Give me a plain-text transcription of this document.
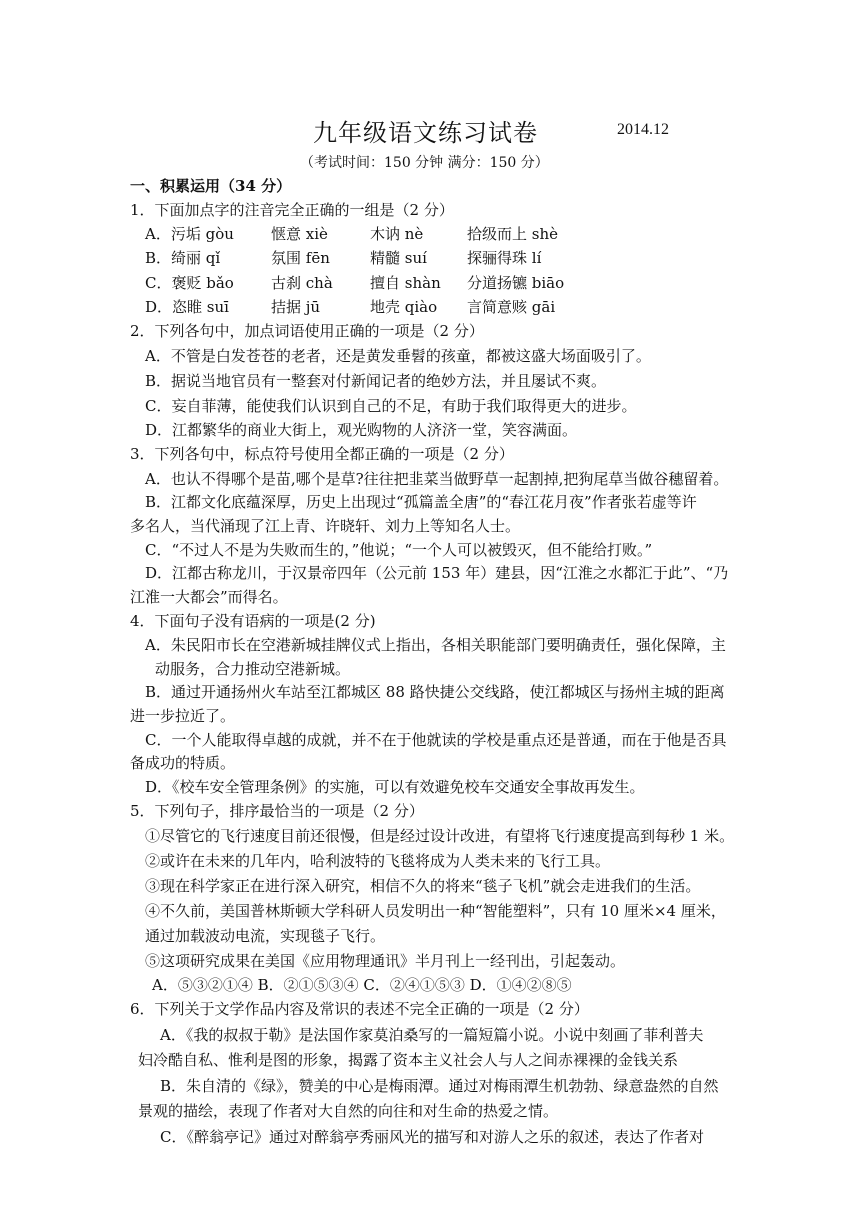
九年级语文练习试卷	2014.12
（考试时间：150 分钟 满分：150 分）
一、积累运用（34 分）
1．下面加点字的注音完全正确的一组是（2 分）
A．污垢 gòu 惬意 xiè	木讷 nè	拾级而上 shè
B．绮丽 qǐ	氛围 fēn	精髓 suí	探骊得珠 lí
C．褒贬 bǎo 古刹 chà 擅自 shàn 分道扬镳 biāo
D．恣睢 suī	拮据 jū	地壳 qiào 言简意赅 gāi
2．下列各句中，加点词语使用正确的一项是（2 分）
A．不管是白发苍苍的老者，还是黄发垂髫的孩童，都被这盛大场面吸引了。
B．据说当地官员有一整套对付新闻记者的绝妙方法，并且屡试不爽。
C．妄自菲薄，能使我们认识到自己的不足，有助于我们取得更大的进步。
D．江都繁华的商业大街上，观光购物的人济济一堂，笑容满面。
3．下列各句中，标点符号使用全都正确的一项是（2 分）
A．也认不得哪个是苗,哪个是草?往往把韭菜当做野草一起割掉,把狗尾草当做谷穗留着。
B．江都文化底蕴深厚，历史上出现过“孤篇盖全唐”的“春江花月夜”作者张若虚等许
多名人，当代涌现了江上青、许晓轩、刘力上等知名人士。
C．“不过人不是为失败而生的，”他说；“一个人可以被毁灭，但不能给打败。”
D．江都古称龙川，于汉景帝四年（公元前 153 年）建县，因“江淮之水都汇于此”、“乃
江淮一大都会”而得名。
4．下面句子没有语病的一项是(2 分)
A．朱民阳市长在空港新城挂牌仪式上指出，各相关职能部门要明确责任，强化保障，主
动服务，合力推动空港新城。
B．通过开通扬州火车站至江都城区 88 路快捷公交线路，使江都城区与扬州主城的距离
进一步拉近了。
C．一个人能取得卓越的成就，并不在于他就读的学校是重点还是普通，而在于他是否具
备成功的特质。
D．《校车安全管理条例》的实施，可以有效避免校车交通安全事故再发生。
5．下列句子，排序最恰当的一项是（2 分）
①尽管它的飞行速度目前还很慢，但是经过设计改进，有望将飞行速度提高到每秒 1 米。
②或许在未来的几年内，哈利波特的飞毯将成为人类未来的飞行工具。
③现在科学家正在进行深入研究，相信不久的将来“毯子飞机”就会走进我们的生活。
④不久前，美国普林斯顿大学科研人员发明出一种“智能塑料”，只有 10 厘米×4 厘米，
通过加载波动电流，实现毯子飞行。
⑤这项研究成果在美国《应用物理通讯》半月刊上一经刊出，引起轰动。
A．⑤③②①④ B．②①⑤③④ C．②④①⑤③ D．①④②⑧⑤
6．下列关于文学作品内容及常识的表述不完全正确的一项是（2 分）
A．《我的叔叔于勒》是法国作家莫泊桑写的一篇短篇小说。小说中刻画了菲利普夫
妇冷酷自私、惟利是图的形象，揭露了资本主义社会人与人之间赤裸裸的金钱关系
B．朱自清的《绿》，赞美的中心是梅雨潭。通过对梅雨潭生机勃勃、绿意盎然的自然
景观的描绘，表现了作者对大自然的向往和对生命的热爱之情。
C．《醉翁亭记》通过对醉翁亭秀丽风光的描写和对游人之乐的叙述，表达了作者对
